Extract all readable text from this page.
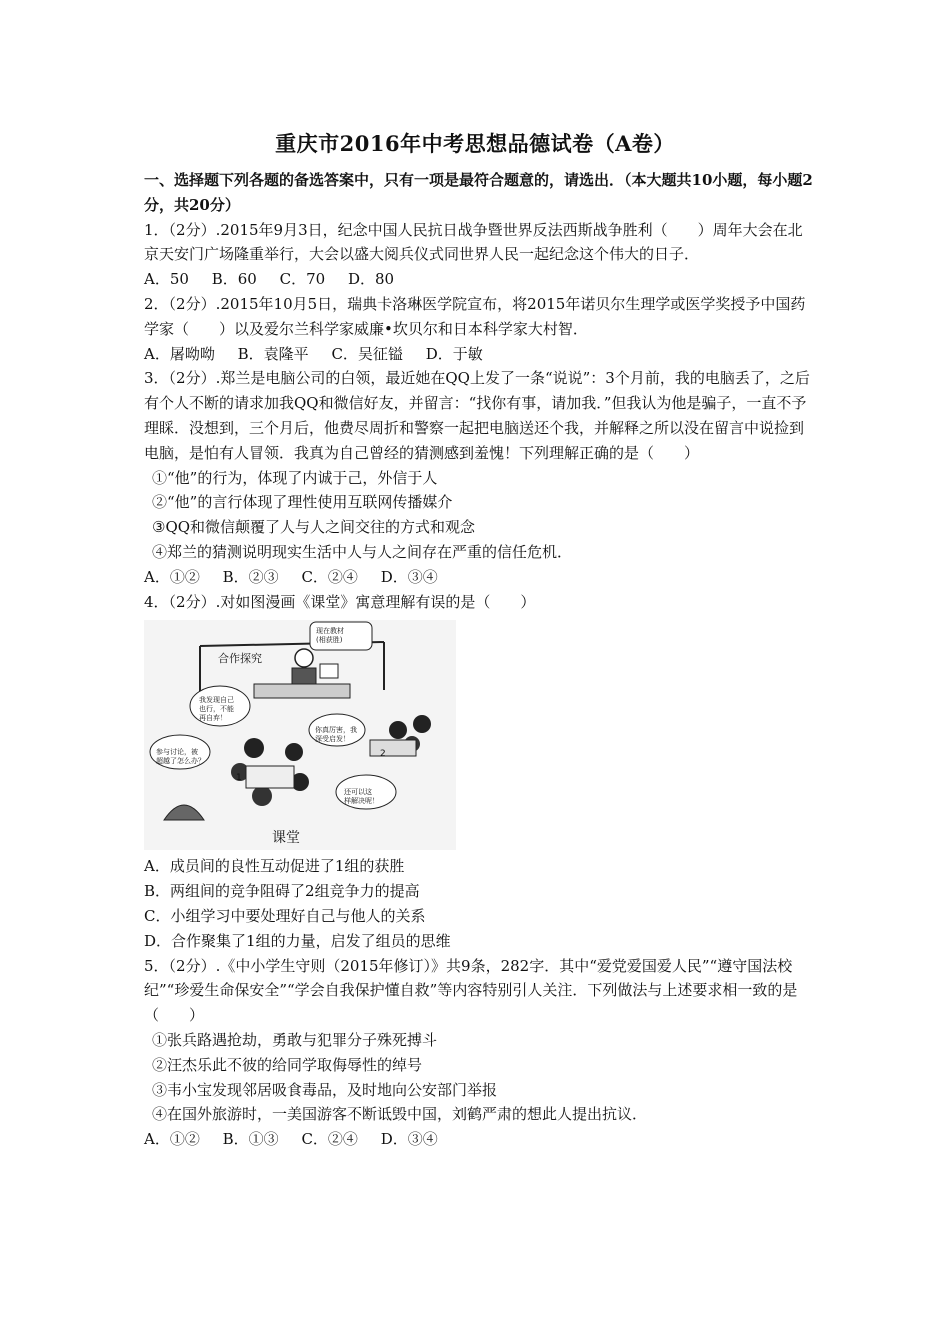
重庆市2016年中考思想品德试卷（A卷）

一、选择题下列各题的备选答案中，只有一项是最符合题意的，请选出．（本大题共10小题，每小题2分，共20分）

1．（2分）.2015年9月3日，纪念中国人民抗日战争暨世界反法西斯战争胜利（　　）周年大会在北京天安门广场隆重举行，大会以盛大阅兵仪式同世界人民一起纪念这个伟大的日子．

A．50 B．60 C．70 D．80

2．（2分）.2015年10月5日，瑞典卡洛琳医学院宣布，将2015年诺贝尔生理学或医学奖授予中国药学家（　　）以及爱尔兰科学家威廉•坎贝尔和日本科学家大村智．

A．屠呦呦 B．袁隆平 C．吴征镒 D．于敏

3．（2分）.郑兰是电脑公司的白领，最近她在QQ上发了一条“说说”：3个月前，我的电脑丢了，之后有个人不断的请求加我QQ和微信好友，并留言：“找你有事，请加我．”但我认为他是骗子，一直不予理睬．没想到，三个月后，他费尽周折和警察一起把电脑送还个我，并解释之所以没在留言中说捡到电脑，是怕有人冒领．我真为自己曾经的猜测感到羞愧！下列理解正确的是（　　）

①“他”的行为，体现了内诚于己，外信于人

②“他”的言行体现了理性使用互联网传播媒介

③QQ和微信颠覆了人与人之间交往的方式和观念

④郑兰的猜测说明现实生活中人与人之间存在严重的信任危机．

A．①② B．②③ C．②④ D．③④

4．（2分）.对如图漫画《课堂》寓意理解有误的是（　　）

合作探究
现在教材(相获胜)
我发现自己也行，不能再自弃！
参与讨论，被超越了怎么办？
你真厉害，我深受启发！
还可以这样解决呢！
2
1
课堂

A．成员间的良性互动促进了1组的获胜

B．两组间的竞争阻碍了2组竞争力的提高

C．小组学习中要处理好自己与他人的关系

D．合作聚集了1组的力量，启发了组员的思维

5．（2分）.《中小学生守则（2015年修订）》共9条，282字．其中“爱党爱国爱人民”“遵守国法校纪”“珍爱生命保安全”“学会自我保护懂自救”等内容特别引人关注．下列做法与上述要求相一致的是（　　）

①张兵路遇抢劫，勇敢与犯罪分子殊死搏斗

②汪杰乐此不彼的给同学取侮辱性的绰号

③韦小宝发现邻居吸食毒品，及时地向公安部门举报

④在国外旅游时，一美国游客不断诋毁中国，刘鹤严肃的想此人提出抗议．

A．①② B．①③ C．②④ D．③④
